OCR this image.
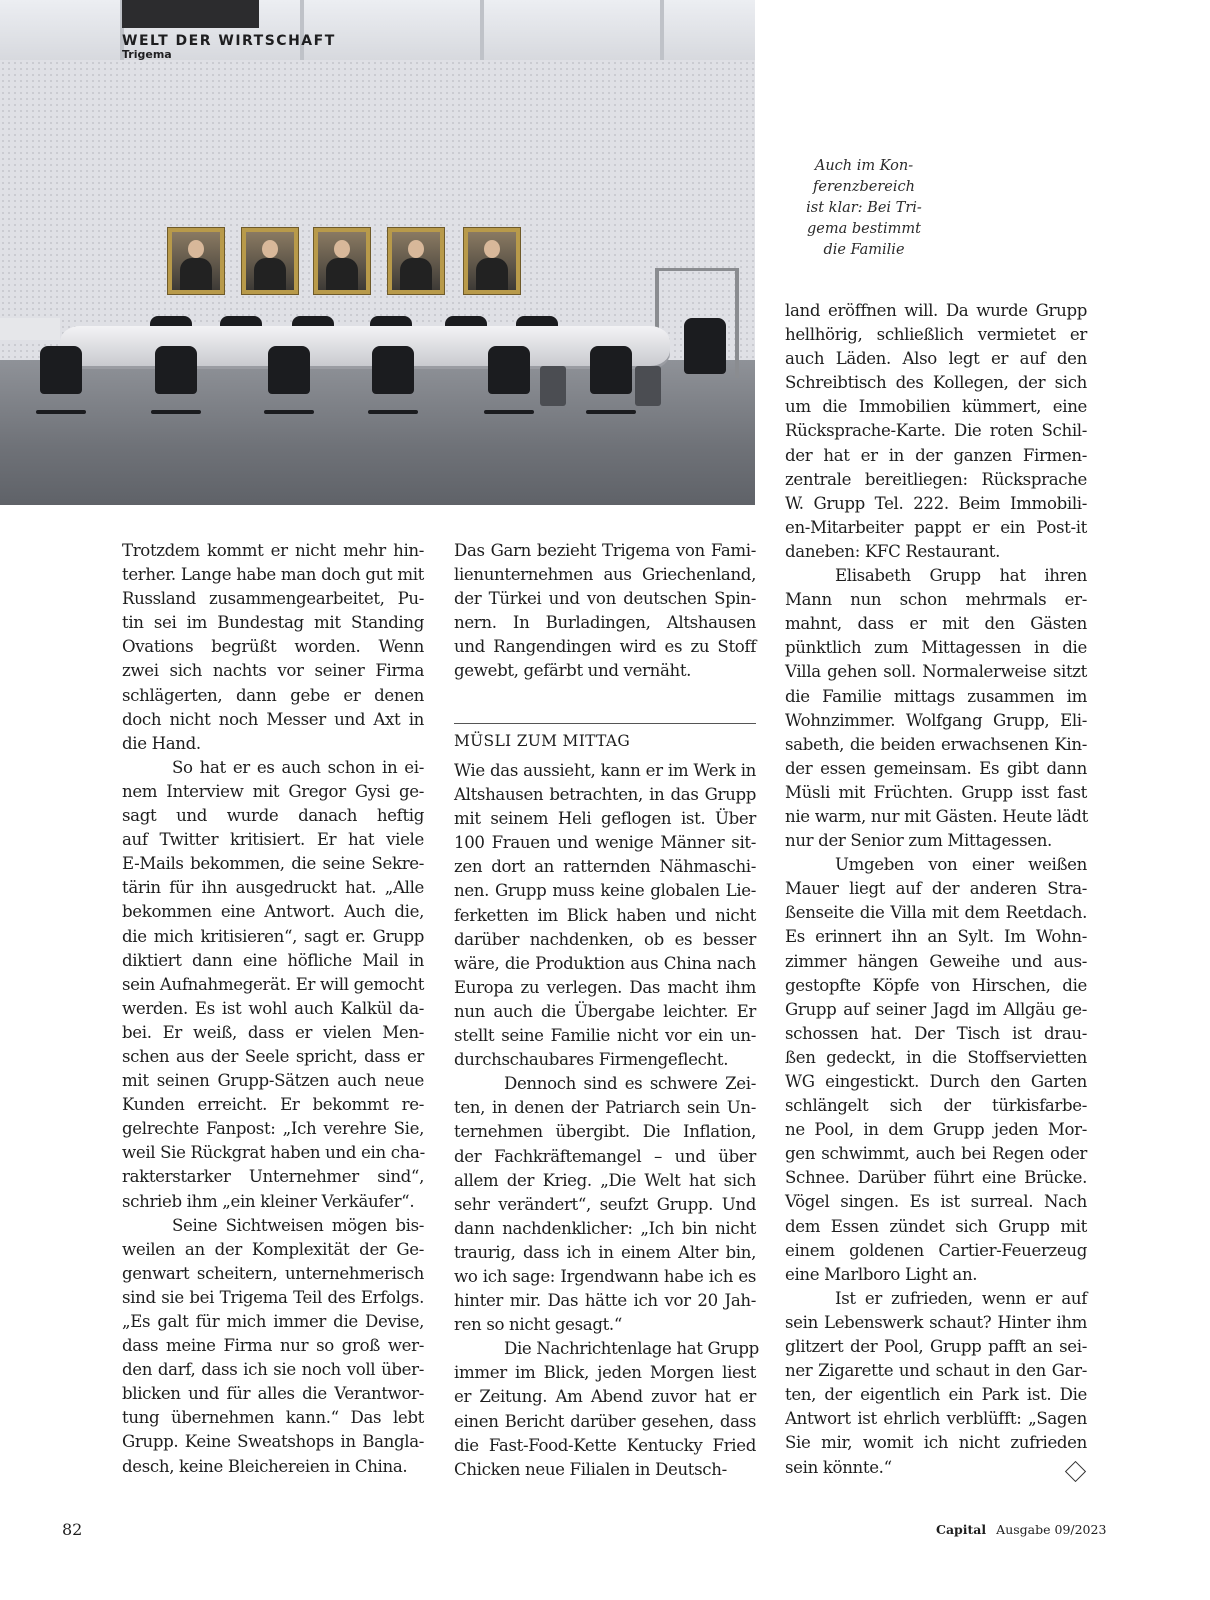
WELT DER WIRTSCHAFT
Trigema
Auch im Kon-
ferenzbereich
ist klar: Bei Tri-
gema bestimmt
die Familie
Trotzdem kommt er nicht mehr hin-
terher. Lange habe man doch gut mit
Russland zusammengearbeitet, Pu-
tin sei im Bundestag mit Standing
Ovations begrüßt worden. Wenn
zwei sich nachts vor seiner Firma
schlägerten, dann gebe er denen
doch nicht noch Messer und Axt in
die Hand.
So hat er es auch schon in ei-
nem Interview mit Gregor Gysi ge-
sagt und wurde danach heftig
auf Twitter kritisiert. Er hat viele
E-Mails bekommen, die seine Sekre-
tärin für ihn ausgedruckt hat. „Alle
bekommen eine Antwort. Auch die,
die mich kritisieren“, sagt er. Grupp
diktiert dann eine höfliche Mail in
sein Aufnahmegerät. Er will gemocht
werden. Es ist wohl auch Kalkül da-
bei. Er weiß, dass er vielen Men-
schen aus der Seele spricht, dass er
mit seinen Grupp-Sätzen auch neue
Kunden erreicht. Er bekommt re-
gelrechte Fanpost: „Ich verehre Sie,
weil Sie Rückgrat haben und ein cha-
rakterstarker Unternehmer sind“,
schrieb ihm „ein kleiner Verkäufer“.
Seine Sichtweisen mögen bis-
weilen an der Komplexität der Ge-
genwart scheitern, unternehmerisch
sind sie bei Trigema Teil des Erfolgs.
„Es galt für mich immer die Devise,
dass meine Firma nur so groß wer-
den darf, dass ich sie noch voll über-
blicken und für alles die Verantwor-
tung übernehmen kann.“ Das lebt
Grupp. Keine Sweatshops in Bangla-
desch, keine Bleichereien in China.
Das Garn bezieht Trigema von Fami-
lienunternehmen aus Griechenland,
der Türkei und von deutschen Spin-
nern. In Burladingen, Altshausen
und Rangendingen wird es zu Stoff
gewebt, gefärbt und vernäht.
Wie das aussieht, kann er im Werk in
Altshausen betrachten, in das Grupp
mit seinem Heli geflogen ist. Über
100 Frauen und wenige Männer sit-
zen dort an ratternden Nähmaschi-
nen. Grupp muss keine globalen Lie-
ferketten im Blick haben und nicht
darüber nachdenken, ob es besser
wäre, die Produktion aus China nach
Europa zu verlegen. Das macht ihm
nun auch die Übergabe leichter. Er
stellt seine Familie nicht vor ein un-
durchschaubares Firmengeflecht.
Dennoch sind es schwere Zei-
ten, in denen der Patriarch sein Un-
ternehmen übergibt. Die Inflation,
der Fachkräftemangel – und über
allem der Krieg. „Die Welt hat sich
sehr verändert“, seufzt Grupp. Und
dann nachdenklicher: „Ich bin nicht
traurig, dass ich in einem Alter bin,
wo ich sage: Irgendwann habe ich es
hinter mir. Das hätte ich vor 20 Jah-
ren so nicht gesagt.“
Die Nachrichtenlage hat Grupp
immer im Blick, jeden Morgen liest
er Zeitung. Am Abend zuvor hat er
einen Bericht darüber gesehen, dass
die Fast-Food-Kette Kentucky Fried
Chicken neue Filialen in Deutsch-
MÜSLI ZUM MITTAG
land eröffnen will. Da wurde Grupp
hellhörig, schließlich vermietet er
auch Läden. Also legt er auf den
Schreibtisch des Kollegen, der sich
um die Immobilien kümmert, eine
Rücksprache-Karte. Die roten Schil-
der hat er in der ganzen Firmen-
zentrale bereitliegen: Rücksprache
W. Grupp Tel. 222. Beim Immobili-
en-Mitarbeiter pappt er ein Post-it
daneben: KFC Restaurant.
Elisabeth Grupp hat ihren
Mann nun schon mehrmals er-
mahnt, dass er mit den Gästen
pünktlich zum Mittagessen in die
Villa gehen soll. Normalerweise sitzt
die Familie mittags zusammen im
Wohnzimmer. Wolfgang Grupp, Eli-
sabeth, die beiden erwachsenen Kin-
der essen gemeinsam. Es gibt dann
Müsli mit Früchten. Grupp isst fast
nie warm, nur mit Gästen. Heute lädt
nur der Senior zum Mittagessen.
Umgeben von einer weißen
Mauer liegt auf der anderen Stra-
ßenseite die Villa mit dem Reetdach.
Es erinnert ihn an Sylt. Im Wohn-
zimmer hängen Geweihe und aus-
gestopfte Köpfe von Hirschen, die
Grupp auf seiner Jagd im Allgäu ge-
schossen hat. Der Tisch ist drau-
ßen gedeckt, in die Stoffservietten
WG eingestickt. Durch den Garten
schlängelt sich der türkisfarbe-
ne Pool, in dem Grupp jeden Mor-
gen schwimmt, auch bei Regen oder
Schnee. Darüber führt eine Brücke.
Vögel singen. Es ist surreal. Nach
dem Essen zündet sich Grupp mit
einem goldenen Cartier-Feuerzeug
eine Marlboro Light an.
Ist er zufrieden, wenn er auf
sein Lebenswerk schaut? Hinter ihm
glitzert der Pool, Grupp pafft an sei-
ner Zigarette und schaut in den Gar-
ten, der eigentlich ein Park ist. Die
Antwort ist ehrlich verblüfft: „Sagen
Sie mir, womit ich nicht zufrieden
sein könnte.“
82	Capital Ausgabe 09/2023
